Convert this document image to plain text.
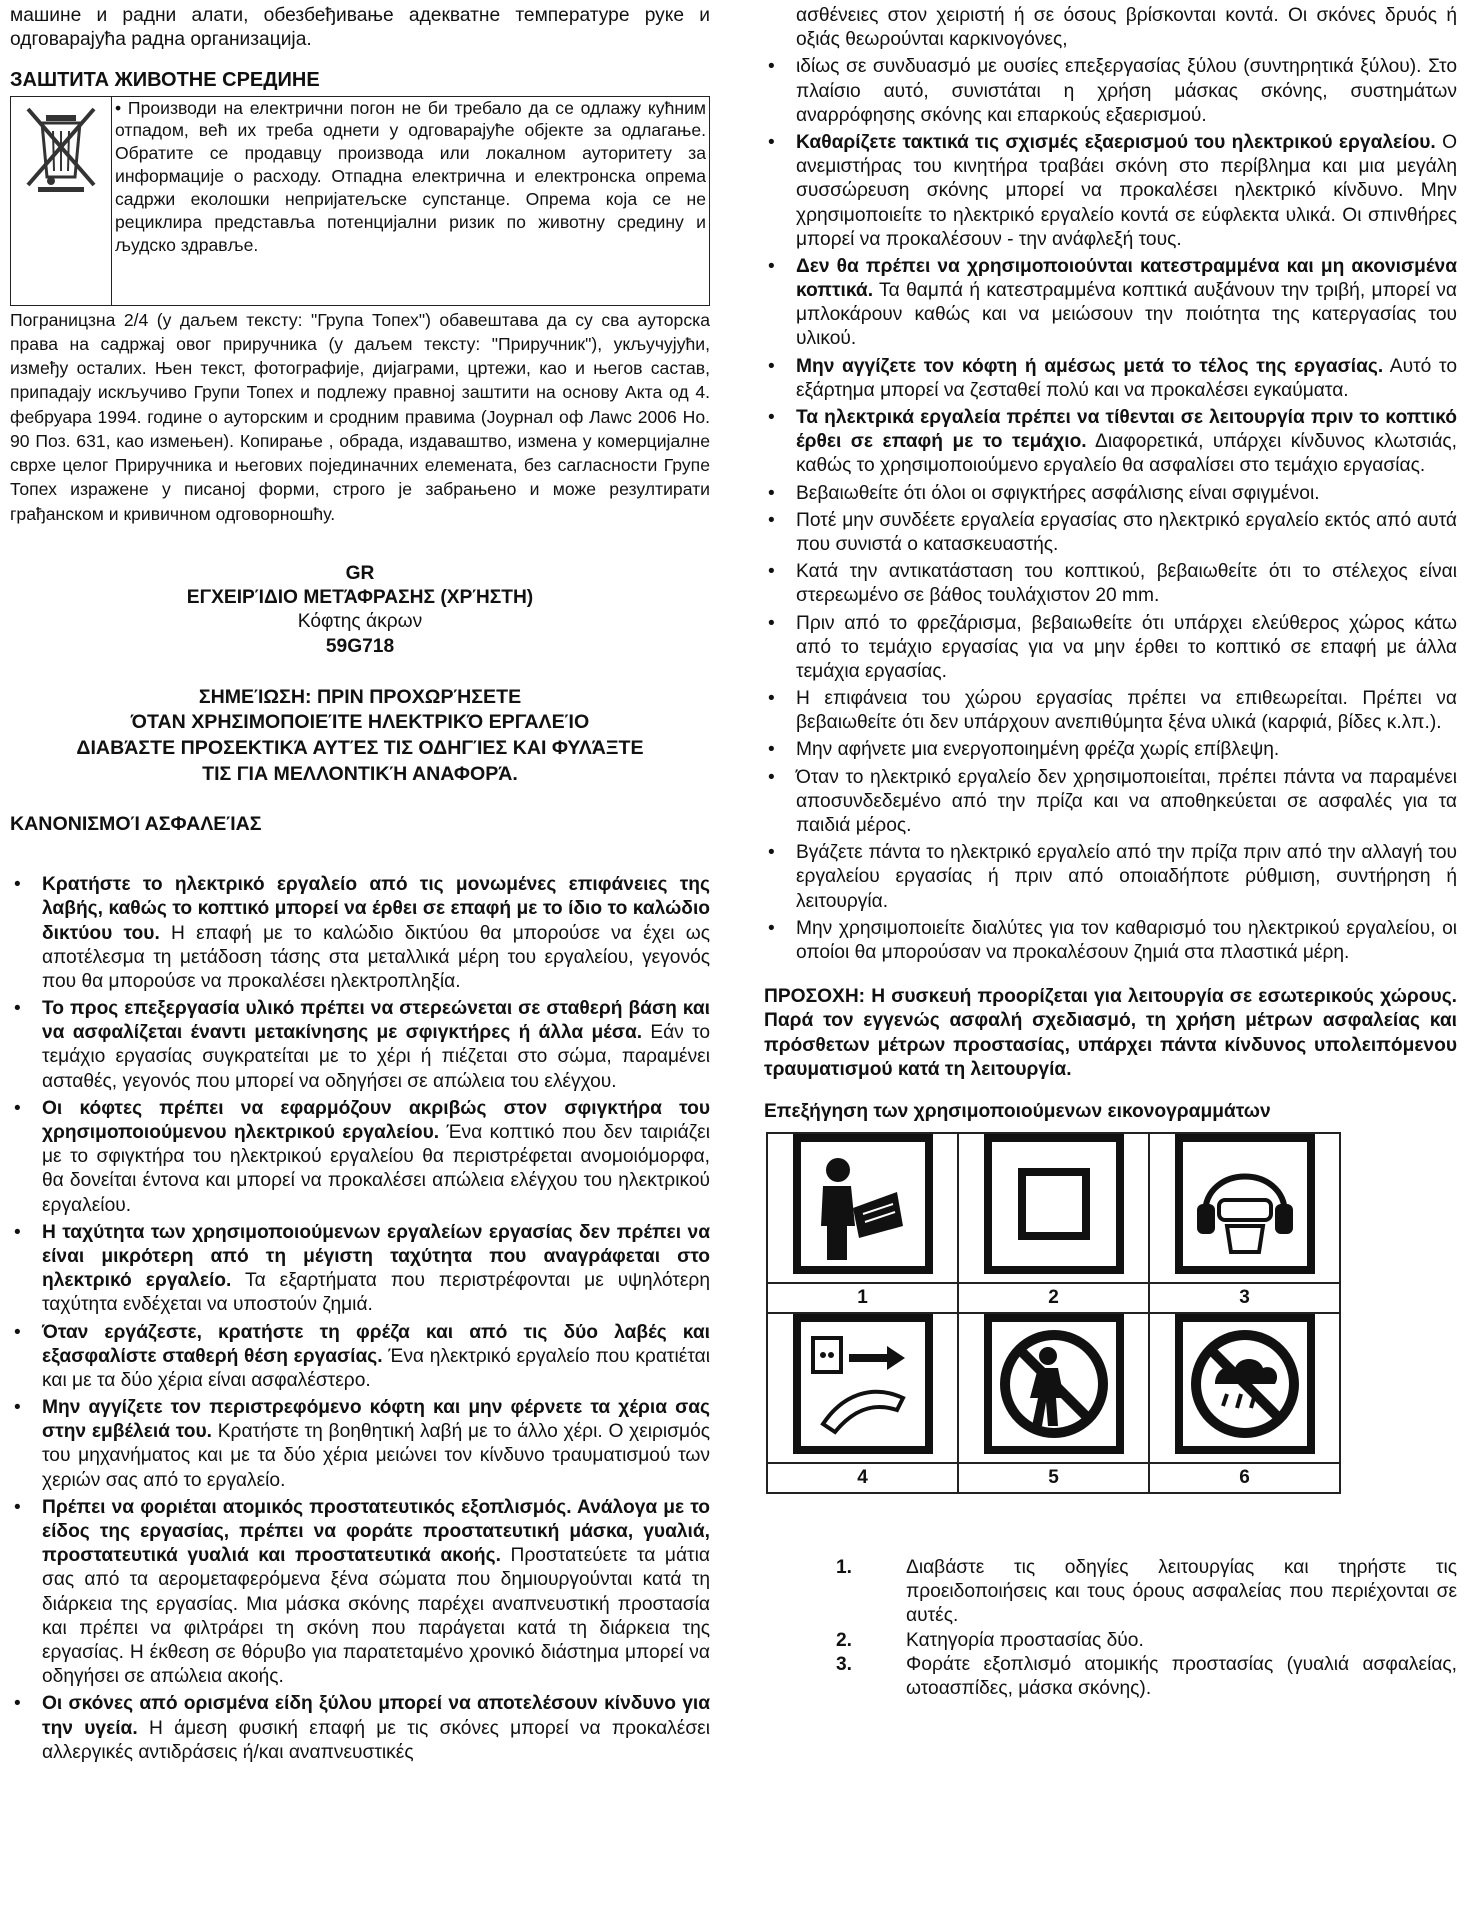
машине и радни алати, обезбеђивање адекватне температуре руке и одговарајућа радна организација.

ЗАШТИТА ЖИВОТНЕ СРЕДИНЕ
• Производи на електрични погон не би требало да се одлажу кућним отпадом, већ их треба однети у одговарајуће објекте за одлагање. Обратите се продавцу производа или локалном ауторитету за информације о расходу. Отпадна електрична и електронска опрема садржи еколошки непријатељске супстанце. Опрема која се не рециклира представља потенцијални ризик по животну средину и људско здравље.

Пограницзна 2/4 (у даљем тексту: "Група Топех") обавештава да су сва ауторска права на садржај овог приручника (у даљем тексту: "Приручник"), укључујући, између осталих. Њен текст, фотографије, дијаграми, цртежи, као и његов састав, припадају искључиво Групи Топех и подлежу правној заштити на основу Акта од 4. фебруара 1994. године о ауторским и сродним правима (Јоурнал оф Лаwс 2006 Но. 90 Поз. 631, као измењен). Копирање , обрада, издаваштво, измена у комерцијалне сврхе целог Приручника и његових појединачних елемената, без сагласности Групе Топех изражене у писаној форми, строго је забрањено и може резултирати грађанском и кривичном одговорношћу.

GR
ΕΓΧΕΙΡΊΔΙΟ ΜΕΤΆΦΡΑΣΗΣ (ΧΡΉΣΤΗ)
Κόφτης άκρων
59G718
ΣΗΜΕΊΩΣΗ: ΠΡΙΝ ΠΡΟΧΩΡΉΣΕΤΕ
ΌΤΑΝ ΧΡΗΣΙΜΟΠΟΙΕΊΤΕ ΗΛΕΚΤΡΙΚΌ ΕΡΓΑΛΕΊΟ
ΔΙΑΒΆΣΤΕ ΠΡΟΣΕΚΤΙΚΆ ΑΥΤΈΣ ΤΙΣ ΟΔΗΓΊΕΣ ΚΑΙ ΦΥΛΆΞΤΕ
ΤΙΣ ΓΙΑ ΜΕΛΛΟΝΤΙΚΉ ΑΝΑΦΟΡΆ.
ΚΑΝΟΝΙΣΜΟΊ ΑΣΦΑΛΕΊΑΣ
• Κρατήστε το ηλεκτρικό εργαλείο από τις μονωμένες επιφάνειες της λαβής, καθώς το κοπτικό μπορεί να έρθει σε επαφή με το ίδιο το καλώδιο δικτύου του. Η επαφή με το καλώδιο δικτύου θα μπορούσε να έχει ως αποτέλεσμα τη μετάδοση τάσης στα μεταλλικά μέρη του εργαλείου, γεγονός που θα μπορούσε να προκαλέσει ηλεκτροπληξία.
• Το προς επεξεργασία υλικό πρέπει να στερεώνεται σε σταθερή βάση και να ασφαλίζεται έναντι μετακίνησης με σφιγκτήρες ή άλλα μέσα. Εάν το τεμάχιο εργασίας συγκρατείται με το χέρι ή πιέζεται στο σώμα, παραμένει ασταθές, γεγονός που μπορεί να οδηγήσει σε απώλεια του ελέγχου.
• Οι κόφτες πρέπει να εφαρμόζουν ακριβώς στον σφιγκτήρα του χρησιμοποιούμενου ηλεκτρικού εργαλείου. Ένα κοπτικό που δεν ταιριάζει με το σφιγκτήρα του ηλεκτρικού εργαλείου θα περιστρέφεται ανομοιόμορφα, θα δονείται έντονα και μπορεί να προκαλέσει απώλεια ελέγχου του ηλεκτρικού εργαλείου.
• Η ταχύτητα των χρησιμοποιούμενων εργαλείων εργασίας δεν πρέπει να είναι μικρότερη από τη μέγιστη ταχύτητα που αναγράφεται στο ηλεκτρικό εργαλείο. Τα εξαρτήματα που περιστρέφονται με υψηλότερη ταχύτητα ενδέχεται να υποστούν ζημιά.
• Όταν εργάζεστε, κρατήστε τη φρέζα και από τις δύο λαβές και εξασφαλίστε σταθερή θέση εργασίας. Ένα ηλεκτρικό εργαλείο που κρατιέται και με τα δύο χέρια είναι ασφαλέστερο.
• Μην αγγίζετε τον περιστρεφόμενο κόφτη και μην φέρνετε τα χέρια σας στην εμβέλειά του. Κρατήστε τη βοηθητική λαβή με το άλλο χέρι. Ο χειρισμός του μηχανήματος και με τα δύο χέρια μειώνει τον κίνδυνο τραυματισμού των χεριών σας από το εργαλείο.
• Πρέπει να φοριέται ατομικός προστατευτικός εξοπλισμός. Ανάλογα με το είδος της εργασίας, πρέπει να φοράτε προστατευτική μάσκα, γυαλιά, προστατευτικά γυαλιά και προστατευτικά ακοής. Προστατεύετε τα μάτια σας από τα αερομεταφερόμενα ξένα σώματα που δημιουργούνται κατά τη διάρκεια της εργασίας. Μια μάσκα σκόνης παρέχει αναπνευστική προστασία και πρέπει να φιλτράρει τη σκόνη που παράγεται κατά τη διάρκεια της εργασίας. Η έκθεση σε θόρυβο για παρατεταμένο χρονικό διάστημα μπορεί να οδηγήσει σε απώλεια ακοής.
• Οι σκόνες από ορισμένα είδη ξύλου μπορεί να αποτελέσουν κίνδυνο για την υγεία. Η άμεση φυσική επαφή με τις σκόνες μπορεί να προκαλέσει αλλεργικές αντιδράσεις ή/και αναπνευστικές

ασθένειες στον χειριστή ή σε όσους βρίσκονται κοντά. Οι σκόνες δρυός ή οξιάς θεωρούνται καρκινογόνες,

• ιδίως σε συνδυασμό με ουσίες επεξεργασίας ξύλου (συντηρητικά ξύλου). Στο πλαίσιο αυτό, συνιστάται η χρήση μάσκας σκόνης, συστημάτων αναρρόφησης σκόνης και επαρκούς εξαερισμού.
• Καθαρίζετε τακτικά τις σχισμές εξαερισμού του ηλεκτρικού εργαλείου. Ο ανεμιστήρας του κινητήρα τραβάει σκόνη στο περίβλημα και μια μεγάλη συσσώρευση σκόνης μπορεί να προκαλέσει ηλεκτρικό κίνδυνο. Μην χρησιμοποιείτε το ηλεκτρικό εργαλείο κοντά σε εύφλεκτα υλικά. Οι σπινθήρες μπορεί να προκαλέσουν - την ανάφλεξή τους.
• Δεν θα πρέπει να χρησιμοποιούνται κατεστραμμένα και μη ακονισμένα κοπτικά. Τα θαμπά ή κατεστραμμένα κοπτικά αυξάνουν την τριβή, μπορεί να μπλοκάρουν καθώς και να μειώσουν την ποιότητα της κατεργασίας του υλικού.
• Μην αγγίζετε τον κόφτη ή αμέσως μετά το τέλος της εργασίας. Αυτό το εξάρτημα μπορεί να ζεσταθεί πολύ και να προκαλέσει εγκαύματα.
• Τα ηλεκτρικά εργαλεία πρέπει να τίθενται σε λειτουργία πριν το κοπτικό έρθει σε επαφή με το τεμάχιο. Διαφορετικά, υπάρχει κίνδυνος κλωτσιάς, καθώς το χρησιμοποιούμενο εργαλείο θα ασφαλίσει στο τεμάχιο εργασίας.
• Βεβαιωθείτε ότι όλοι οι σφιγκτήρες ασφάλισης είναι σφιγμένοι.
• Ποτέ μην συνδέετε εργαλεία εργασίας στο ηλεκτρικό εργαλείο εκτός από αυτά που συνιστά ο κατασκευαστής.
• Κατά την αντικατάσταση του κοπτικού, βεβαιωθείτε ότι το στέλεχος είναι στερεωμένο σε βάθος τουλάχιστον 20 mm.
• Πριν από το φρεζάρισμα, βεβαιωθείτε ότι υπάρχει ελεύθερος χώρος κάτω από το τεμάχιο εργασίας για να μην έρθει το κοπτικό σε επαφή με άλλα τεμάχια εργασίας.
• Η επιφάνεια του χώρου εργασίας πρέπει να επιθεωρείται. Πρέπει να βεβαιωθείτε ότι δεν υπάρχουν ανεπιθύμητα ξένα υλικά (καρφιά, βίδες κ.λπ.).
• Μην αφήνετε μια ενεργοποιημένη φρέζα χωρίς επίβλεψη.
• Όταν το ηλεκτρικό εργαλείο δεν χρησιμοποιείται, πρέπει πάντα να παραμένει αποσυνδεδεμένο από την πρίζα και να αποθηκεύεται σε ασφαλές για τα παιδιά μέρος.
• Βγάζετε πάντα το ηλεκτρικό εργαλείο από την πρίζα πριν από την αλλαγή του εργαλείου εργασίας ή πριν από οποιαδήποτε ρύθμιση, συντήρηση ή λειτουργία.
• Μην χρησιμοποιείτε διαλύτες για τον καθαρισμό του ηλεκτρικού εργαλείου, οι οποίοι θα μπορούσαν να προκαλέσουν ζημιά στα πλαστικά μέρη.

ΠΡΟΣΟΧΗ: Η συσκευή προορίζεται για λειτουργία σε εσωτερικούς χώρους. Παρά τον εγγενώς ασφαλή σχεδιασμό, τη χρήση μέτρων ασφαλείας και πρόσθετων μέτρων προστασίας, υπάρχει πάντα κίνδυνος υπολειπόμενου τραυματισμού κατά τη λειτουργία.

Επεξήγηση των χρησιμοποιούμενων εικονογραμμάτων

1	2	3

4	5	6
1.	Διαβάστε τις οδηγίες λειτουργίας και τηρήστε τις προειδοποιήσεις και τους όρους ασφαλείας που περιέχονται σε αυτές.
2.	Κατηγορία προστασίας δύο.
3.	Φοράτε εξοπλισμό ατομικής προστασίας (γυαλιά ασφαλείας, ωτοασπίδες, μάσκα σκόνης).
